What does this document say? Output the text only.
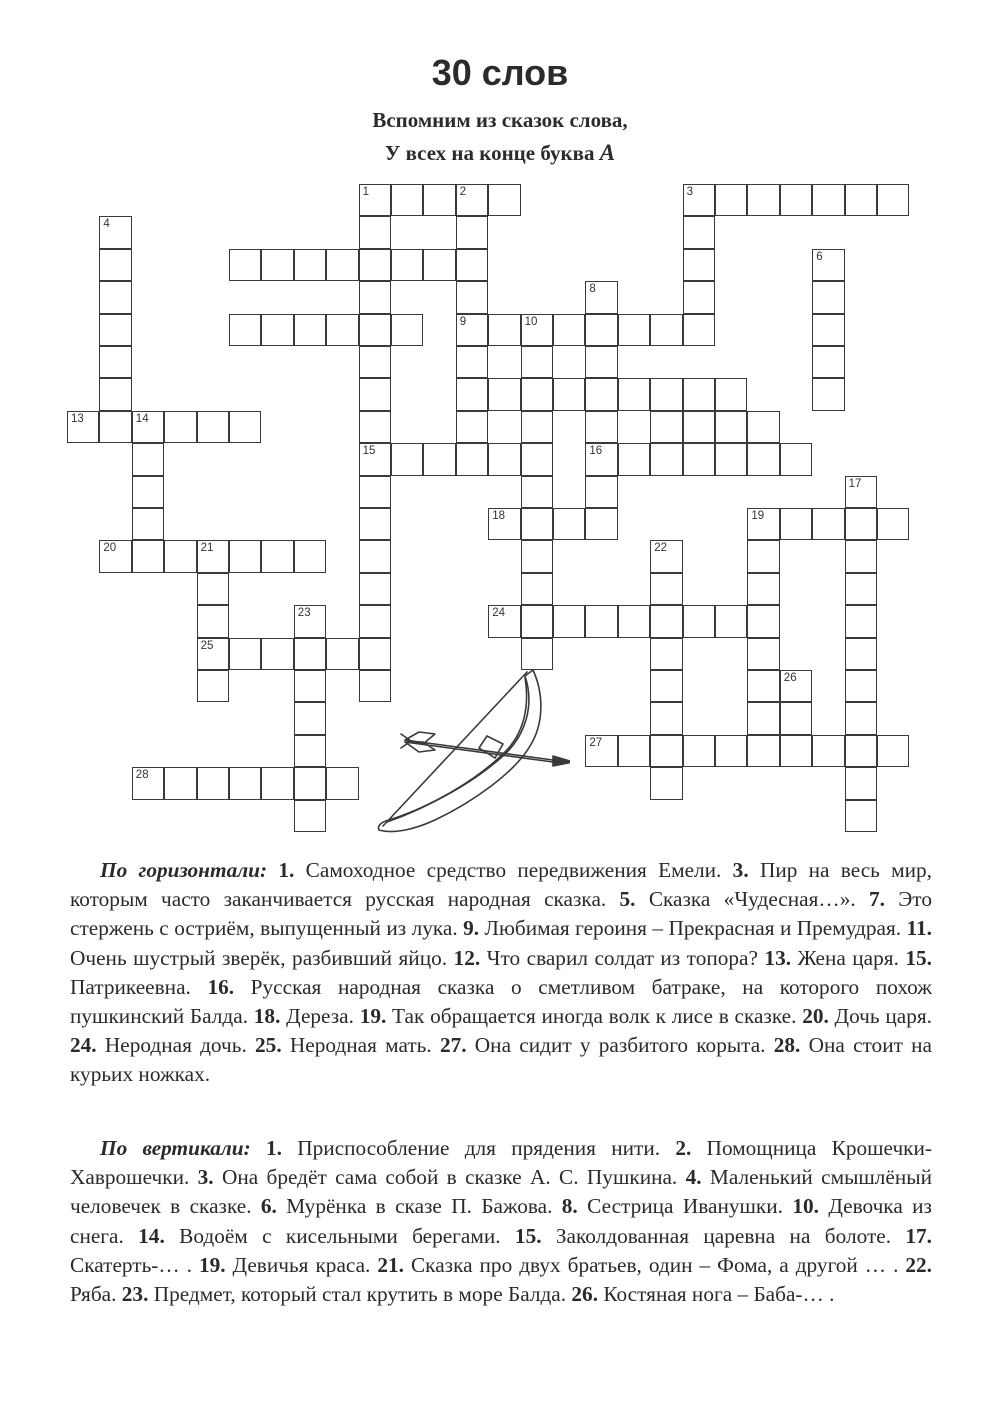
30 слов
Вспомним из сказок слова,
У всех на конце буква А
1	2	3
9	10
13	14
15	16
18	19
20	21
24
25
27
28
4
6
8
17
22
23
26
По горизонтали: 1. Самоходное средство передвижения Емели. 3. Пир на весь мир, которым часто заканчивается русская народная сказка. 5. Сказка «Чудесная…». 7. Это стержень с остриём, выпущенный из лука. 9. Любимая героиня – Прекрасная и Премудрая. 11. Очень шустрый зверёк, разбивший яйцо. 12. Что сварил солдат из топора? 13. Жена царя. 15. Патрикеевна. 16. Русская народная сказка о сметливом батраке, на которого похож пушкинский Балда. 18. Дереза. 19. Так обращается иногда волк к лисе в сказке. 20. Дочь царя. 24. Неродная дочь. 25. Неродная мать. 27. Она сидит у разбитого корыта. 28. Она стоит на курьих ножках.
По вертикали: 1. Приспособление для прядения нити. 2. Помощница Крошечки-Хаврошечки. 3. Она бредёт сама собой в сказке А. С. Пушкина. 4. Маленький смышлёный человечек в сказке. 6. Мурёнка в сказе П. Бажова. 8. Сестрица Иванушки. 10. Девочка из снега. 14. Водоём с кисельными берегами. 15. Заколдованная царевна на болоте. 17. Скатерть-… . 19. Девичья краса. 21. Сказка про двух братьев, один – Фома, а другой … . 22. Ряба. 23. Предмет, который стал крутить в море Балда. 26. Костяная нога – Баба-… .
